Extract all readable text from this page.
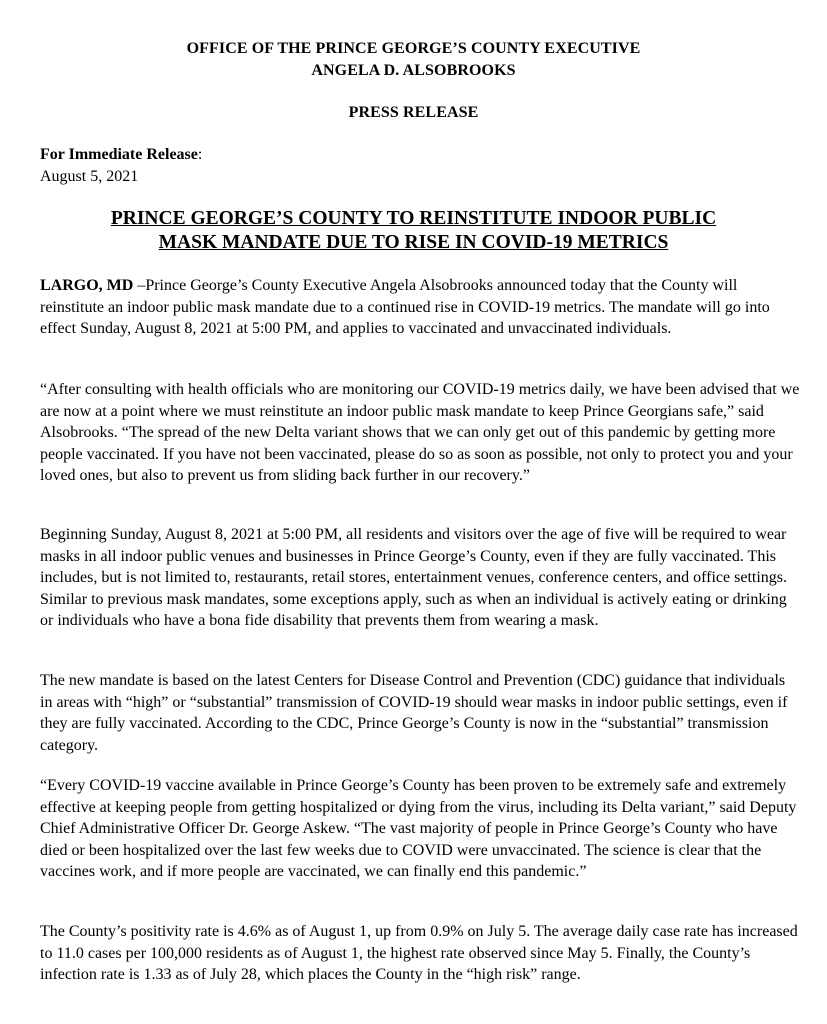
OFFICE OF THE PRINCE GEORGE’S COUNTY EXECUTIVE
ANGELA D. ALSOBROOKS
PRESS RELEASE
For Immediate Release:
August 5, 2021
PRINCE GEORGE’S COUNTY TO REINSTITUTE INDOOR PUBLIC
MASK MANDATE DUE TO RISE IN COVID-19 METRICS

LARGO, MD –Prince George’s County Executive Angela Alsobrooks announced today that the County will reinstitute an indoor public mask mandate due to a continued rise in COVID-19 metrics. The mandate will go into effect Sunday, August 8, 2021 at 5:00 PM, and applies to vaccinated and unvaccinated individuals.

“After consulting with health officials who are monitoring our COVID-19 metrics daily, we have been advised that we are now at a point where we must reinstitute an indoor public mask mandate to keep Prince Georgians safe,” said Alsobrooks. “The spread of the new Delta variant shows that we can only get out of this pandemic by getting more people vaccinated. If you have not been vaccinated, please do so as soon as possible, not only to protect you and your loved ones, but also to prevent us from sliding back further in our recovery.”

Beginning Sunday, August 8, 2021 at 5:00 PM, all residents and visitors over the age of five will be required to wear masks in all indoor public venues and businesses in Prince George’s County, even if they are fully vaccinated. This includes, but is not limited to, restaurants, retail stores, entertainment venues, conference centers, and office settings. Similar to previous mask mandates, some exceptions apply, such as when an individual is actively eating or drinking or individuals who have a bona fide disability that prevents them from wearing a mask.

The new mandate is based on the latest Centers for Disease Control and Prevention (CDC) guidance that individuals in areas with “high” or “substantial” transmission of COVID-19 should wear masks in indoor public settings, even if they are fully vaccinated. According to the CDC, Prince George’s County is now in the “substantial” transmission category.

“Every COVID-19 vaccine available in Prince George’s County has been proven to be extremely safe and extremely effective at keeping people from getting hospitalized or dying from the virus, including its Delta variant,” said Deputy Chief Administrative Officer Dr. George Askew. “The vast majority of people in Prince George’s County who have died or been hospitalized over the last few weeks due to COVID were unvaccinated. The science is clear that the vaccines work, and if more people are vaccinated, we can finally end this pandemic.”

The County’s positivity rate is 4.6% as of August 1, up from 0.9% on July 5. The average daily case rate has increased to 11.0 cases per 100,000 residents as of August 1, the highest rate observed since May 5. Finally, the County’s infection rate is 1.33 as of July 28, which places the County in the “high risk” range.
